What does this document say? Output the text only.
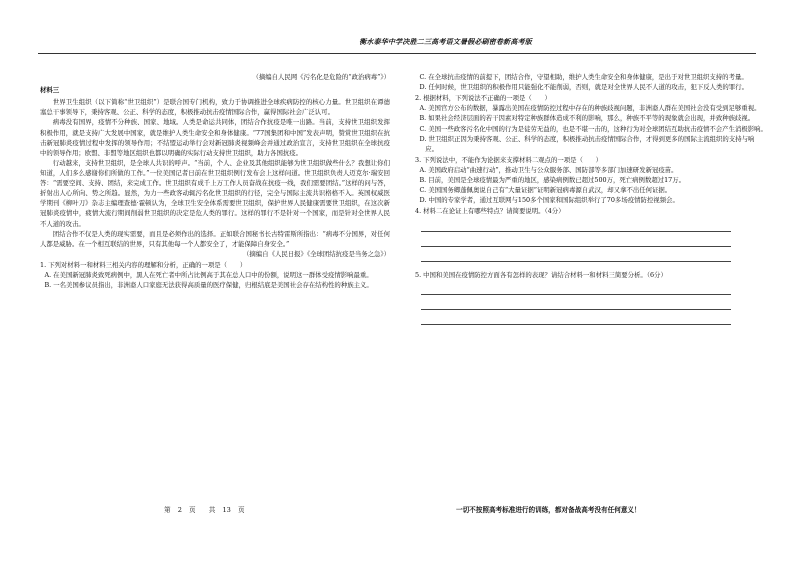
衡水泰华中学决胜二三高考语文暑假必刷密卷新高考版

（摘编自人民网《污名化是危险的“政治病毒”》）

材料三

世界卫生组织（以下简称“世卫组织”）是联合国专门机构，致力于协调推进全球疾病防控的核心力量。世卫组织在谭德塞总干事领导下，秉持客观、公正、科学的态度，积极推动抗击疫情国际合作，赢得国际社会广泛认可。

病毒没有国界，疫情不分种族、国家、地域。人类是命运共同体，团结合作抗疫是唯一出路。当前，支持世卫组织发挥积极作用，就是支持广大发展中国家，就是维护人类生命安全和身体健康。“77国集团和中国”发表声明，赞赏世卫组织在抗击新冠肺炎疫情过程中发挥的领导作用；不结盟运动举行会对新冠肺炎视频峰会并通过政治宣言，支持世卫组织在全球抗疫中的领导作用；欧盟、非盟等地区组织也都以明确的实际行动支持世卫组织，助力各国抗疫。

行动越来，支持世卫组织，是全球人共识的呼声。“当前，个人、企业及其他组织能够为世卫组织做些什么？我想让你们知道，人们多么感谢你们所做的工作。”一位美国记者日前在世卫组织例行发布会上这样问道。世卫组织负责人迈克尔·瑞安回答：“需要空间、支持、团结，来完成工作。世卫组织有成千上万工作人员奋战在抗疫一线，我们需要团结。”这样的问与答，折射出人心所向、势之所趋。显然，为力一些政客动辄污名化世卫组织的行径，完全与国际主流共识格格不入。英国权威医学期刊《柳叶刀》杂志主编理查德·霍顿认为，全球卫生安全体系需要世卫组织，保护世界人民健康需要世卫组织，在这次新冠肺炎疫情中，疲情大流行期间削弱世卫组织的决定是危人类的罪行。这样的罪行不是针对一个国家，而是针对全世界人民不人道的攻击。

团结合作不仅是人类的现实需要，而且是必须作出的选择。正如联合国秘书长古特雷斯所指出：“病毒不分国界，对任何人都是威胁。在一个相互联结的世界，只有其他每一个人都安全了，才能保障自身安全。”

（摘编自《人民日报》《全球团结抗疫是当务之急》）

1. 下列对材料一和材料三相关内容的理解和分析，正确的一项是（　　）

A. 在美国新冠肺炎致死病例中，黑人在死亡者中所占比例高于其在总人口中的份额，说明这一群体受疫情影响最重。

B. 一名美国参议员指出，非洲裔人口家庭无法获得高质量的医疗保健，归根结底是美国社会存在结构性的种族主义。

C. 在全球抗击疫情的前提下，团结合作，守望相助，维护人类生命安全和身体健康，是出于对世卫组织支持的考量。

D. 任何时候，世卫组织的积极作用只能强化不能削弱，否则，就是对全世界人民不人道的攻击，犯下反人类的罪行。

2. 根据材料，下列说法不正确的一项是（　　）

A. 美国官方公布的数据，暴露出美国在疫情防控过程中存在的种族歧视问题，非洲裔人群在美国社会没有受到足够重视。

B. 如果社会经济层面的若干因素对特定种族群体造成不利的影响，那么，种族不平等的现象就会出现，并致种族歧视。

C. 美国一些政客污名化中国的行为是徒劳无益的，也是不堪一击的，这种行为对全球团结互助抗击疫情不会产生消极影响。

D. 世卫组织正因为秉持客观、公正、科学的态度，积极推动抗击疫情国际合作，才得到更多的国际主流组织的支持与响应。

3. 下列说法中，不能作为论据来支撑材料二观点的一项是（　　）

A. 美国政府启动“曲速行动”，推动卫生与公众服务部、国防部等多部门加速研发新冠疫苗。

B. 目前，美国是全球疫情最为严重的地区，感染病例数已超过500万，死亡病例数超过17万。

C. 美国国务卿蓬佩奥说自己有“大量证据”证明新冠病毒源自武汉，却又拿不出任何证据。

D. 中国的专家学者，通过互联网与150多个国家和国际组织举行了70多场疫情防控视频会。

4. 材料二在论证上有哪些特点？请简要说明。（4分）

5. 中国和美国在疫情防控方面各有怎样的表现？请结合材料一和材料三简要分析。（6分）

第 2 页　　共 13 页	一切不按照高考标准进行的训练，都对备战高考没有任何意义！
